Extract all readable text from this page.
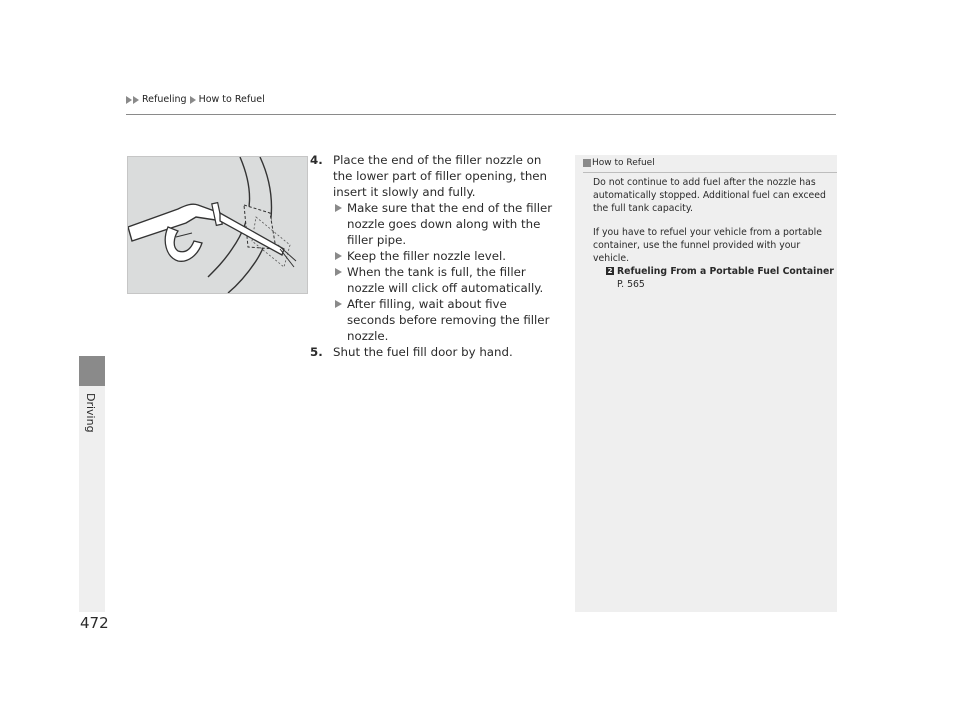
Refueling How to Refuel
Driving
472
4. Place the end of the filler nozzle on the lower part of filler opening, then insert it slowly and fully.
Make sure that the end of the filler nozzle goes down along with the filler pipe.
Keep the filler nozzle level.
When the tank is full, the filler nozzle will click off automatically.
After filling, wait about five seconds before removing the filler nozzle.
5. Shut the fuel fill door by hand.
How to Refuel

Do not continue to add fuel after the nozzle has automatically stopped. Additional fuel can exceed the full tank capacity.

If you have to refuel your vehicle from a portable container, use the funnel provided with your vehicle.

2 Refueling From a Portable Fuel Container
P. 565
